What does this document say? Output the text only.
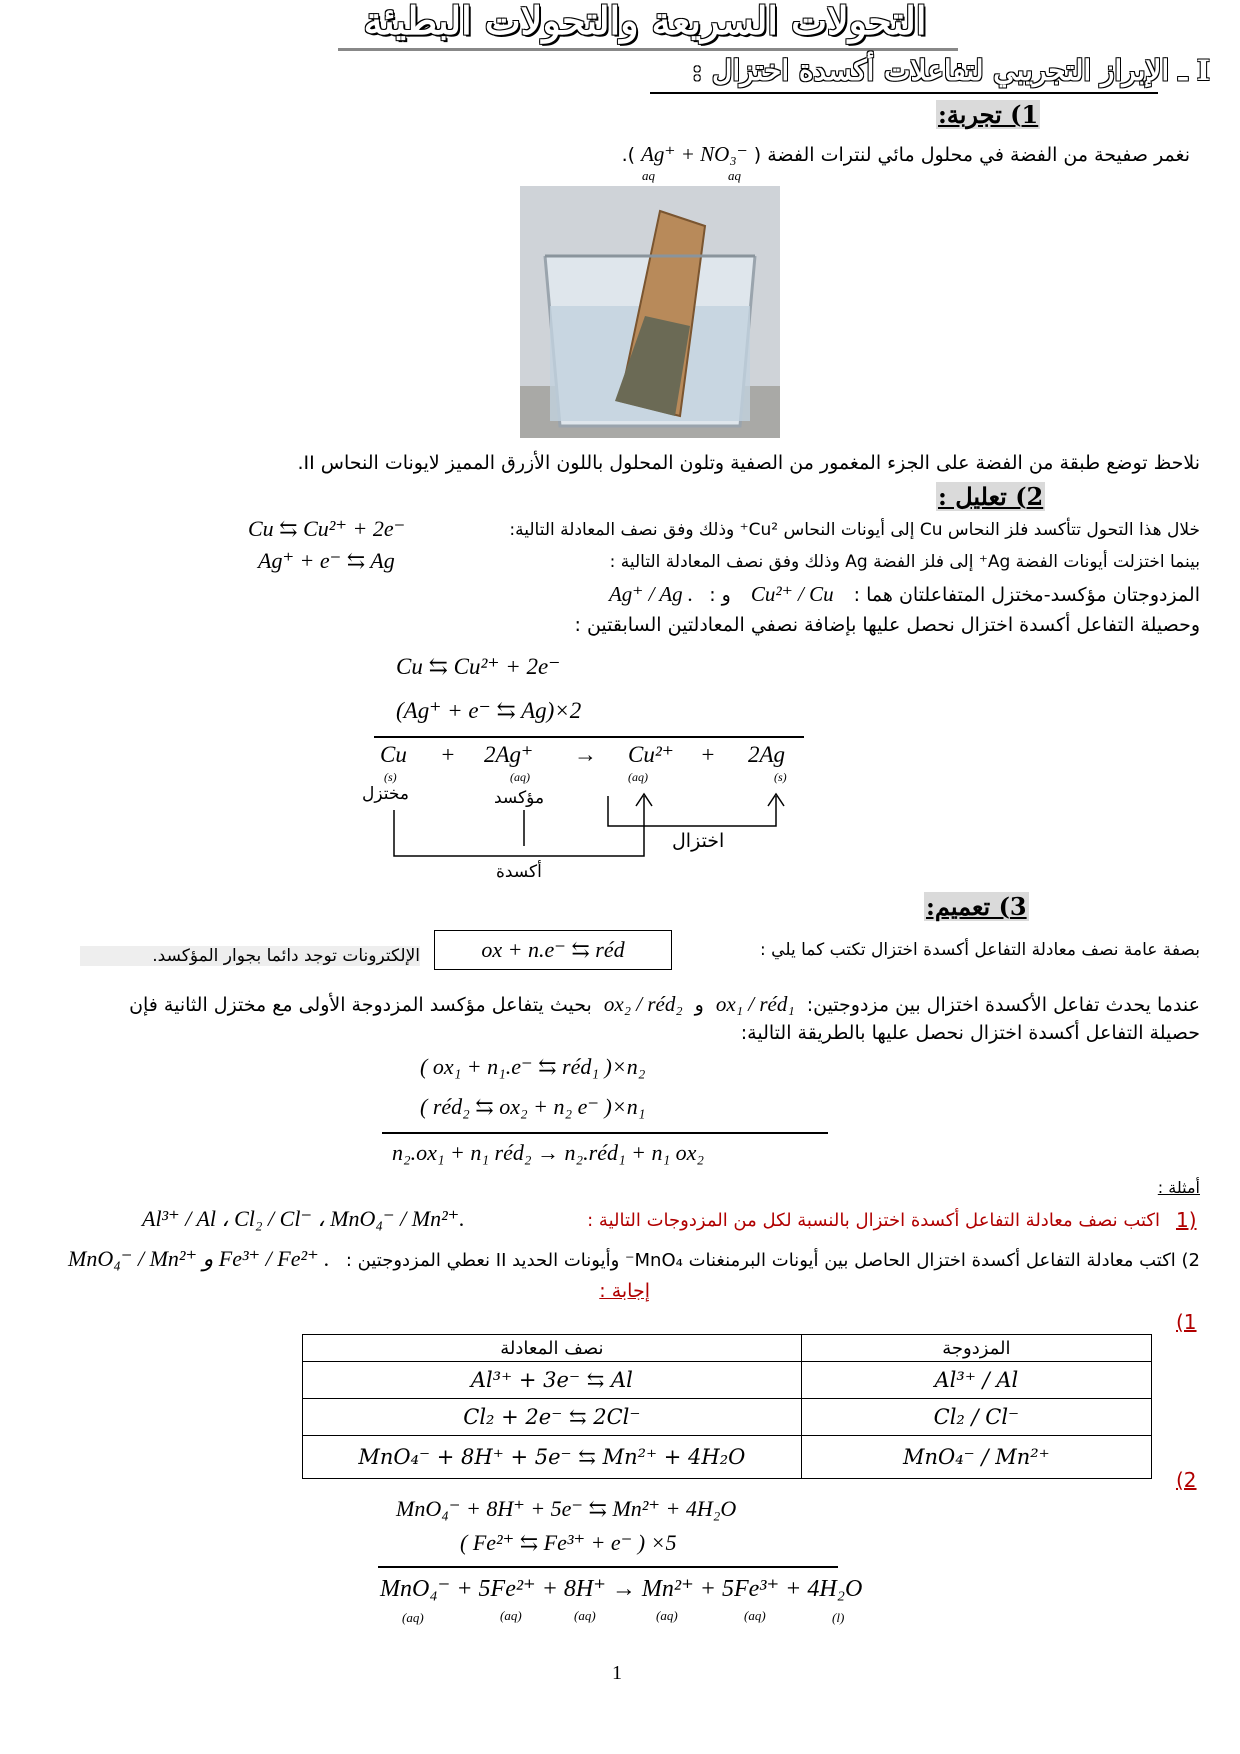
التحولات السريعة والتحولات البطيئة
I ـ الإبراز التجريبي لتفاعلات أكسدة اختزال :
1) تجربة:
نغمر صفيحة من الفضة في محلول مائي لنترات الفضة ( Ag⁺ + NO₃⁻ ).
aq	aq
نلاحظ توضع طبقة من الفضة على الجزء المغمور من الصفية وتلون المحلول باللون الأزرق المميز لايونات النحاس II.
2) تعليل :
خلال هذا التحول تتأكسد فلز النحاس Cu إلى أيونات النحاس Cu²⁺ وذلك وفق نصف المعادلة التالية:
Cu ⇆ Cu²⁺ + 2e⁻
بينما اختزلت أيونات الفضة Ag⁺ إلى فلز الفضة Ag وذلك وفق نصف المعادلة التالية :
Ag⁺ + e⁻ ⇆ Ag
المزدوجتان مؤكسد-مختزل المتفاعلتان هما : Cu²⁺ / Cu و : Ag⁺ / Ag .
وحصيلة التفاعل أكسدة اختزال نحصل عليها بإضافة نصفي المعادلتين السابقتين :
Cu ⇆ Cu²⁺ + 2e⁻
(Ag⁺ + e⁻ ⇆ Ag)×2
Cu + 2Ag⁺ → Cu²⁺ + 2Ag
(s)	(aq)	(aq)	(s)
مختزل	مؤكسد
اختزال
أكسدة
3) تعميم:
بصفة عامة نصف معادلة التفاعل أكسدة اختزال تكتب كما يلي :
ox + n.e⁻ ⇆ réd
الإلكترونات توجد دائما بجوار المؤكسد.
عندما يحدث تفاعل الأكسدة اختزال بين مزدوجتين: ox₁ / réd₁ و ox₂ / réd₂ بحيث يتفاعل مؤكسد المزدوجة الأولى مع مختزل الثانية فإن
حصيلة التفاعل أكسدة اختزال نحصل عليها بالطريقة التالية:
( ox₁ + n₁.e⁻ ⇆ réd₁ )×n₂
( réd₂ ⇆ ox₂ + n₂ e⁻ )×n₁
n₂.ox₁ + n₁ réd₂ → n₂.réd₁ + n₁ ox₂
أمثلة :
1)
اكتب نصف معادلة التفاعل أكسدة اختزال بالنسبة لكل من المزدوجات التالية :
Al³⁺ / Al ، Cl₂ / Cl⁻ ، MnO₄⁻ / Mn²⁺.
2) اكتب معادلة التفاعل أكسدة اختزال الحاصل بين أيونات البرمنغنات MnO₄⁻ وأيونات الحديد II نعطي المزدوجتين :
MnO₄⁻ / Mn²⁺ و Fe³⁺ / Fe²⁺ .
إجابة :
(1
نصف المعادلة	المزدوجة
Al³⁺ + 3e⁻ ⇆ Al	Al³⁺ / Al
Cl₂ + 2e⁻ ⇆ 2Cl⁻	Cl₂ / Cl⁻
MnO₄⁻ + 8H⁺ + 5e⁻ ⇆ Mn²⁺ + 4H₂O	MnO₄⁻ / Mn²⁺
(2
MnO₄⁻ + 8H⁺ + 5e⁻ ⇆ Mn²⁺ + 4H₂O
( Fe²⁺ ⇆ Fe³⁺ + e⁻ ) ×5
MnO₄⁻ + 5Fe²⁺ + 8H⁺ → Mn²⁺ + 5Fe³⁺ + 4H₂O
(aq)	(aq)	(aq)	(aq)	(aq)	(l)
1
